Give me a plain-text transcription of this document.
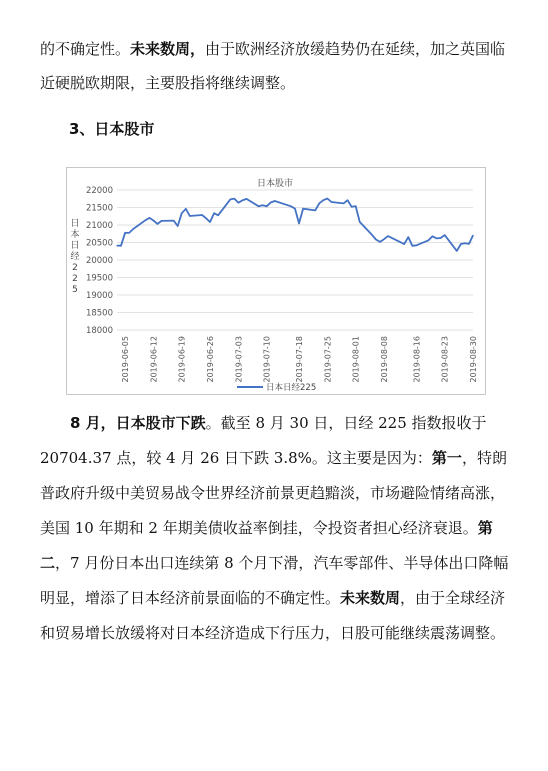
的不确定性。未来数周，由于欧洲经济放缓趋势仍在延续，加之英国临近硬脱欧期限，主要股指将继续调整。

3、日本股市
日本股市
日
本
日
经
2
2
5
22000
21500
21000
20500
20000
19500
19000
18500
18000
2019-06-05 2019-06-12 2019-06-19 2019-06-26 2019-07-03 2019-07-10	2019-07-18 2019-07-25 2019-08-01 2019-08-08	2019-08-16 2019-08-23 2019-08-30
日本日经225

8 月，日本股市下跌。截至 8 月 30 日，日经 225 指数报收于 20704.37 点，较 4 月 26 日下跌 3.8%。这主要是因为：第一，特朗普政府升级中美贸易战令世界经济前景更趋黯淡，市场避险情绪高涨，美国 10 年期和 2 年期美债收益率倒挂，令投资者担心经济衰退。第二，7 月份日本出口连续第 8 个月下滑，汽车零部件、半导体出口降幅明显，增添了日本经济前景面临的不确定性。未来数周，由于全球经济和贸易增长放缓将对日本经济造成下行压力，日股可能继续震荡调整。
